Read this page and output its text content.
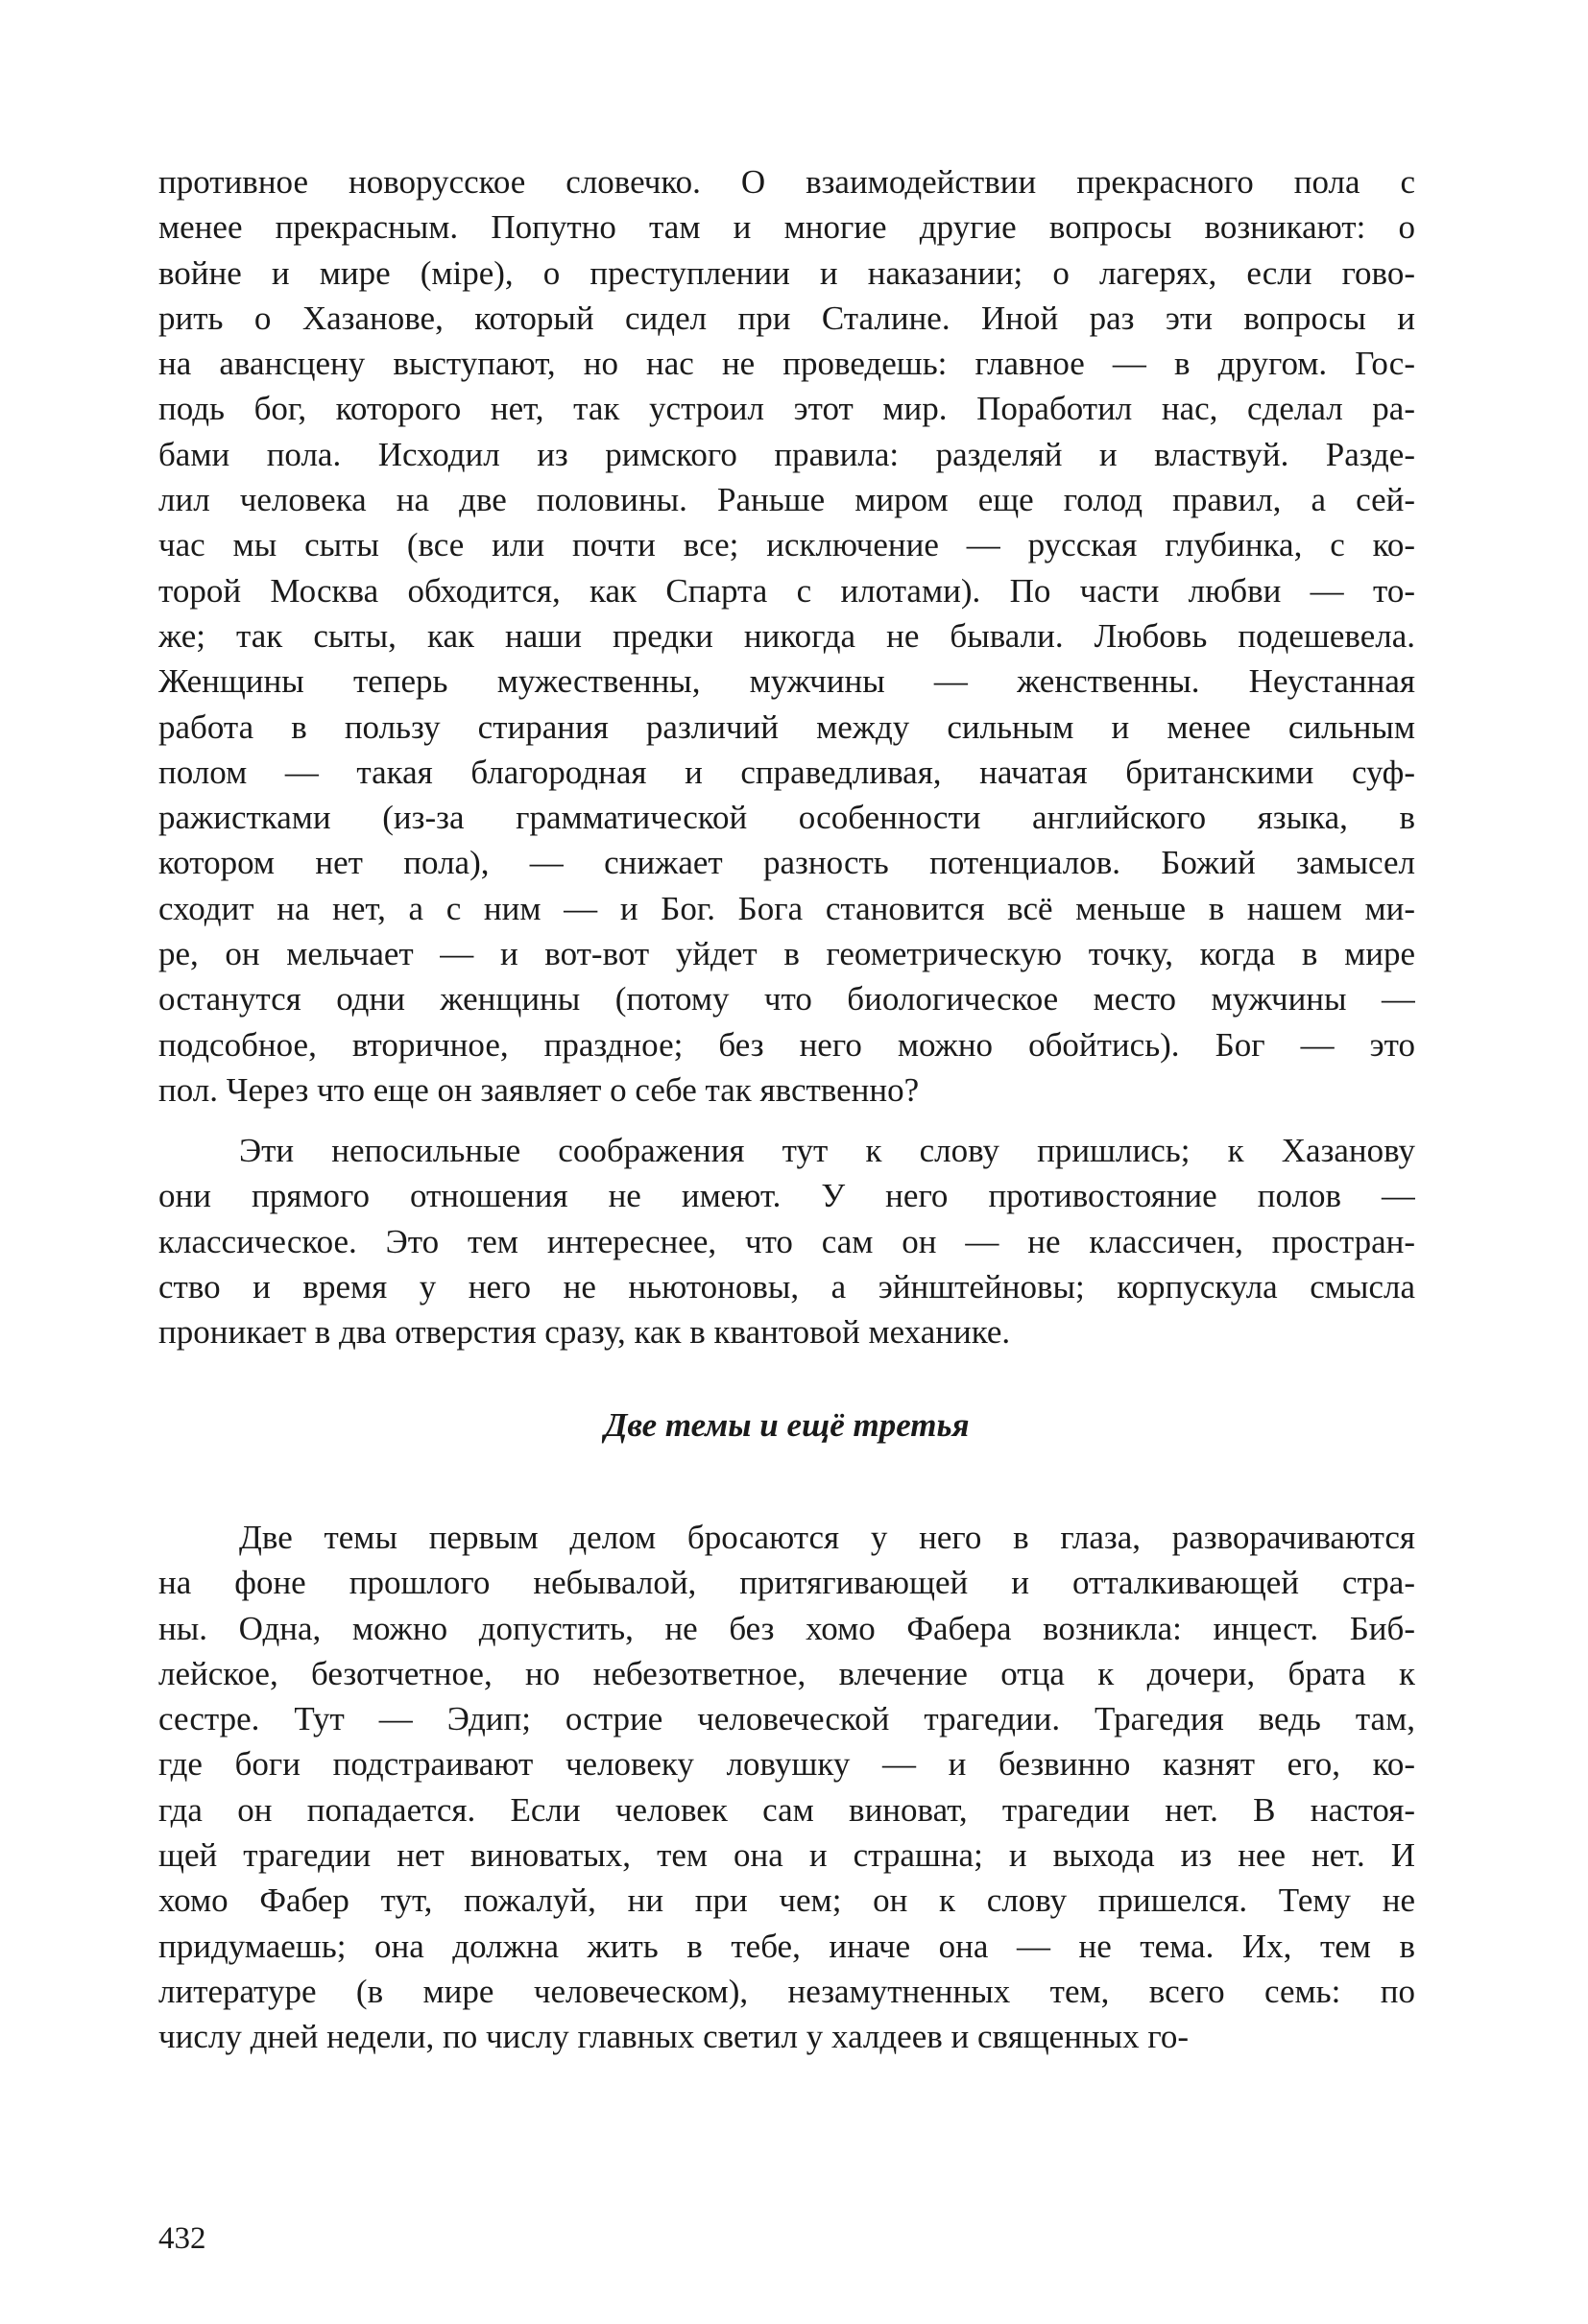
противное новорусское словечко. О взаимодействии прекрасного пола с
менее прекрасным. Попутно там и многие другие вопросы возникают: о
войне и мире (міре), о преступлении и наказании; о лагерях, если гово-
рить о Хазанове, который сидел при Сталине. Иной раз эти вопросы и
на авансцену выступают, но нас не проведешь: главное — в другом. Гос-
подь бог, которого нет, так устроил этот мир. Поработил нас, сделал ра-
бами пола. Исходил из римского правила: разделяй и властвуй. Разде-
лил человека на две половины. Раньше миром еще голод правил, а сей-
час мы сыты (все или почти все; исключение — русская глубинка, с ко-
торой Москва обходится, как Спарта с илотами). По части любви — то-
же; так сыты, как наши предки никогда не бывали. Любовь подешевела.
Женщины теперь мужественны, мужчины — женственны. Неустанная
работа в пользу стирания различий между сильным и менее сильным
полом — такая благородная и справедливая, начатая британскими суф-
ражистками (из-за грамматической особенности английского языка, в
котором нет пола), — снижает разность потенциалов. Божий замысел
сходит на нет, а с ним — и Бог. Бога становится всё меньше в нашем ми-
ре, он мельчает — и вот-вот уйдет в геометрическую точку, когда в мире
останутся одни женщины (потому что биологическое место мужчины —
подсобное, вторичное, праздное; без него можно обойтись). Бог — это
пол. Через что еще он заявляет о себе так явственно?
Эти непосильные соображения тут к слову пришлись; к Хазанову
они прямого отношения не имеют. У него противостояние полов —
классическое. Это тем интереснее, что сам он — не классичен, простран-
ство и время у него не ньютоновы, а эйнштейновы; корпускула смысла
проникает в два отверстия сразу, как в квантовой механике.
Две темы и ещё третья
Две темы первым делом бросаются у него в глаза, разворачиваются
на фоне прошлого небывалой, притягивающей и отталкивающей стра-
ны. Одна, можно допустить, не без хомо Фабера возникла: инцест. Биб-
лейское, безотчетное, но небезответное, влечение отца к дочери, брата к
сестре. Тут — Эдип; острие человеческой трагедии. Трагедия ведь там,
где боги подстраивают человеку ловушку — и безвинно казнят его, ко-
гда он попадается. Если человек сам виноват, трагедии нет. В настоя-
щей трагедии нет виноватых, тем она и страшна; и выхода из нее нет. И
хомо Фабер тут, пожалуй, ни при чем; он к слову пришелся. Тему не
придумаешь; она должна жить в тебе, иначе она — не тема. Их, тем в
литературе (в мире человеческом), незамутненных тем, всего семь: по
числу дней недели, по числу главных светил у халдеев и священных го-
432
